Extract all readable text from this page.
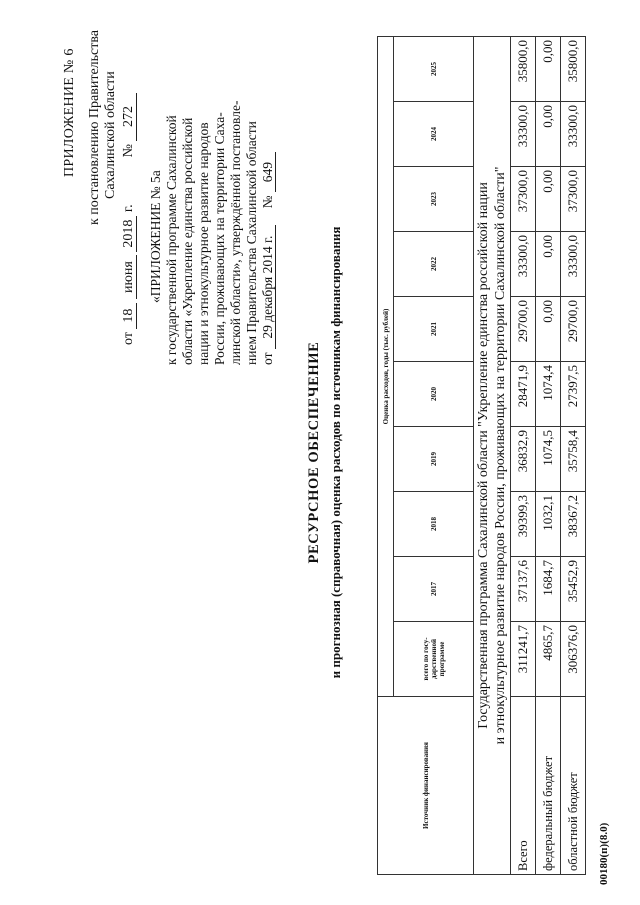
ПРИЛОЖЕНИЕ № 6 к постановлению Правительства Сахалинской области
от 18 июня 2018 г.  № 272
«ПРИЛОЖЕНИЕ № 5а к государственной программе Сахалинской области «Укрепление единства российской нации и этнокультурное развитие народов России, проживающих на территории Саха- линской области», утверждённой постановле- нием Правительства Сахалинской области от 29 декабря 2014 г.  № 649
РЕСУРСНОЕ ОБЕСПЕЧЕНИЕ и прогнозная (справочная) оценка расходов по источникам финансирования
Источник финансирования	Оценка расходов, годы (тыс. рублей)									
	всего по госу-дарственной программе	2017	2018	2019	2020	2021	2022	2023	2024	2025

Государственная программа Сахалинской области "Укрепление единства российской нации и этнокультурное развитие народов России, проживающих на территории Сахалинской области"										

Всего	311241,7	37137,6	39399,3	36832,9	28471,9	29700,0	33300,0	37300,0	33300,0	35800,0
федеральный бюджет	4865,7	1684,7	1032,1	1074,5	1074,4	0,00	0,00	0,00	0,00	0,00
областной бюджет	306376,0	35452,9	38367,2	35758,4	27397,5	29700,0	33300,0	37300,0	33300,0	35800,0
00180(п)(8.0)
